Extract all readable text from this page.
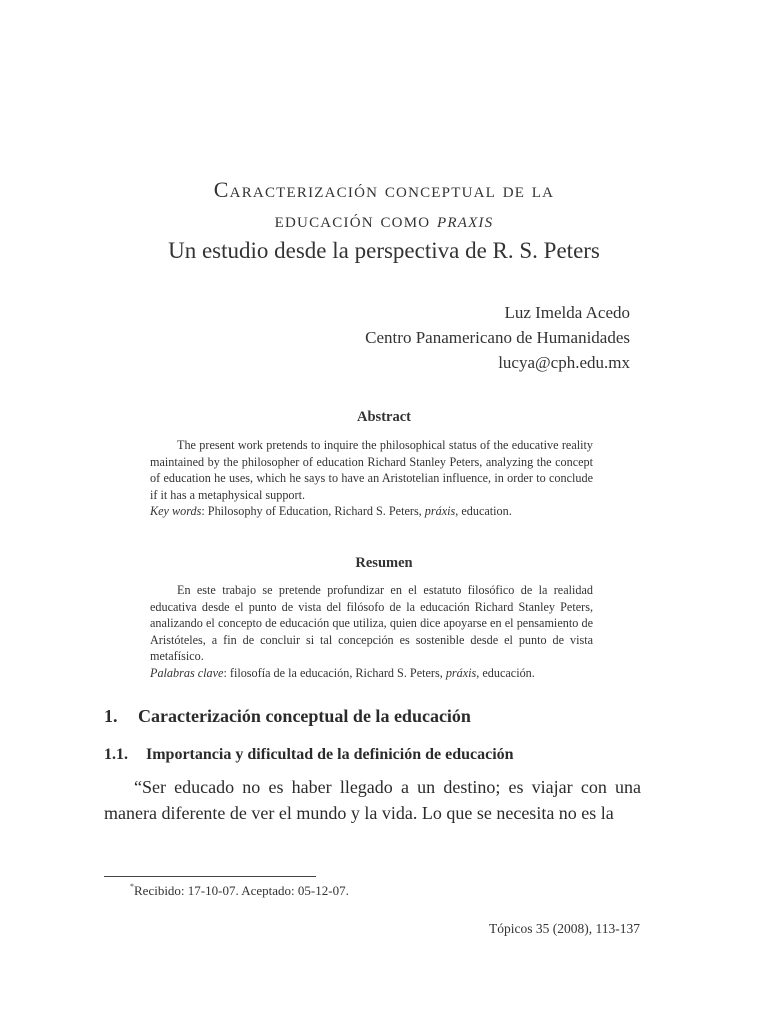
Caracterización conceptual de la
educación como praxis
Un estudio desde la perspectiva de R. S. Peters
Luz Imelda Acedo
Centro Panamericano de Humanidades
lucya@cph.edu.mx
Abstract

The present work pretends to inquire the philosophical status of the educative reality maintained by the philosopher of education Richard Stanley Peters, analyzing the concept of education he uses, which he says to have an Aristotelian influence, in order to conclude if it has a metaphysical support.

Key words: Philosophy of Education, Richard S. Peters, práxis, education.

Resumen

En este trabajo se pretende profundizar en el estatuto filosófico de la realidad educativa desde el punto de vista del filósofo de la educación Richard Stanley Peters, analizando el concepto de educación que utiliza, quien dice apoyarse en el pensamiento de Aristóteles, a fin de concluir si tal concepción es sostenible desde el punto de vista metafísico.

Palabras clave: filosofía de la educación, Richard S. Peters, práxis, educación.

1. Caracterización conceptual de la educación
1.1. Importancia y dificultad de la definición de educación

“Ser educado no es haber llegado a un destino; es viajar con una manera diferente de ver el mundo y la vida. Lo que se necesita no es la

*Recibido: 17-10-07. Aceptado: 05-12-07.
Tópicos 35 (2008), 113-137
